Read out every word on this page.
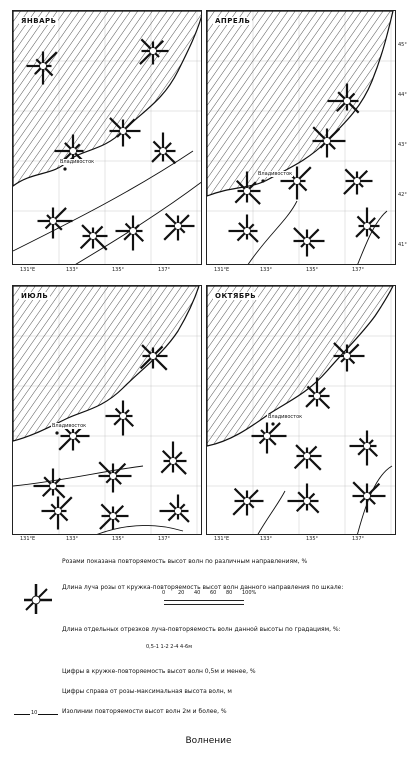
ЯНВАРЬ
Владивосток
АПРЕЛЬ
Владивосток
ИЮЛЬ
Владивосток
ОКТЯБРЬ
Владивосток
45°
44°
43°
42°
41°
131°E	133°	135°	137°	131°E	133°	135°	137°
131°E	133°	135°	137°	131°E	133°	135°	137°
Розами показана повторяемость высот волн по различным направлениям, %
Длина луча розы от кружка-повторяемость высот волн данного направления по шкале:
0	20 40 60 80 100%
Длина отдельных отрезков луча-повторяемость волн данной высоты по градациям, %:
0,5-1 1-2 2-4 4-6м
Цифры в кружке-повторяемость высот волн 0,5м и менее, %
Цифры справа от розы-максимальная высота волн, м
10	Изолинии повторяемости высот волн 2м и более, %
Волнение
